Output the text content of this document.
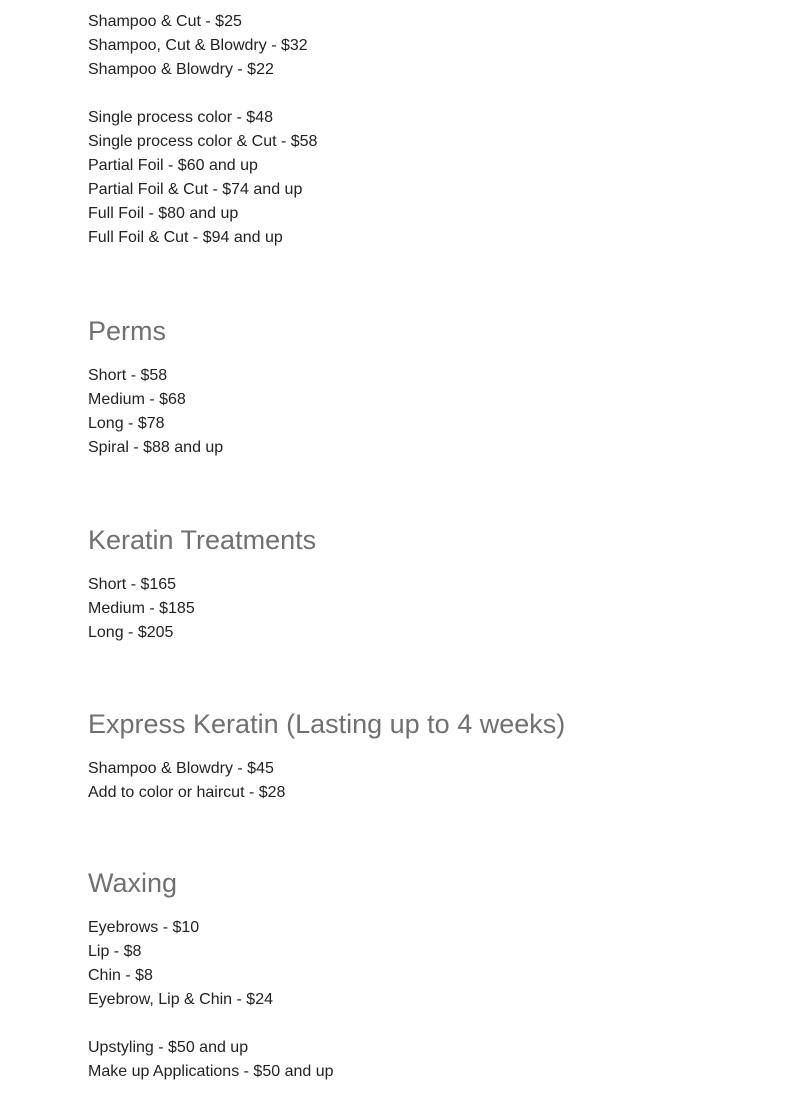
Shampoo & Cut - $25
Shampoo, Cut & Blowdry - $32
Shampoo & Blowdry - $22
Single process color - $48
Single process color & Cut - $58
Partial Foil - $60 and up
Partial Foil & Cut - $74 and up
Full Foil - $80 and up
Full Foil & Cut - $94 and up
Perms
Short - $58
Medium - $68
Long - $78
Spiral - $88 and up
Keratin Treatments
Short - $165
Medium - $185
Long - $205
Express Keratin (Lasting up to 4 weeks)
Shampoo & Blowdry - $45
Add to color or haircut - $28
Waxing
Eyebrows - $10
Lip - $8
Chin - $8
Eyebrow, Lip & Chin - $24
Upstyling - $50 and up
Make up Applications - $50 and up
